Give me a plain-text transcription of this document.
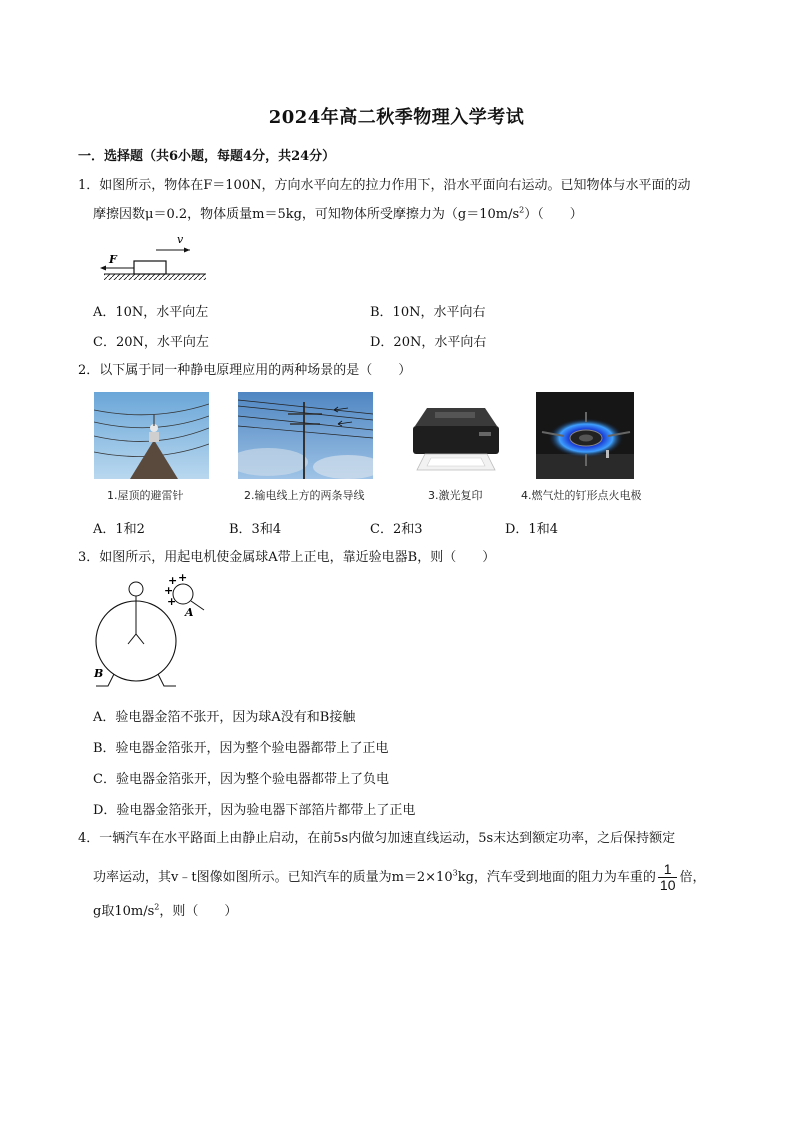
2024年高二秋季物理入学考试
一．选择题（共6小题，每题4分，共24分）
1．如图所示，物体在F＝100N，方向水平向左的拉力作用下，沿水平面向右运动。已知物体与水平面的动
摩擦因数μ＝0.2，物体质量m＝5kg，可知物体所受摩擦力为$(g=10m/s^2)$（　　）
v
F
A．10N，水平向左	B．10N，水平向右
C．20N，水平向左	D．20N，水平向右
2．以下属于同一种静电原理应用的两种场景的是（　　）
1.屋顶的避雷针	2.输电线上方的两条导线	3.激光复印	4.燃气灶的钉形点火电极
A．1和2	B．3和4	C．2和3	D．1和4
3．如图所示，用起电机使金属球A带上正电，靠近验电器B，则（　　）
+ +
+
+
A
B
A．验电器金箔不张开，因为球A没有和B接触
B．验电器金箔张开，因为整个验电器都带上了正电
C．验电器金箔张开，因为整个验电器都带上了负电
D．验电器金箔张开，因为验电器下部箔片都带上了正电
4．一辆汽车在水平路面上由静止启动，在前5s内做匀加速直线运动，5s末达到额定功率，之后保持额定
功率运动，其v﹣t图像如图所示。已知汽车的质量为$m=2\times 10^3kg$，汽车受到地面的阻力为车重的 $\frac{1}{10}$ 倍，
g取$10m/s^2$，则（　　）
